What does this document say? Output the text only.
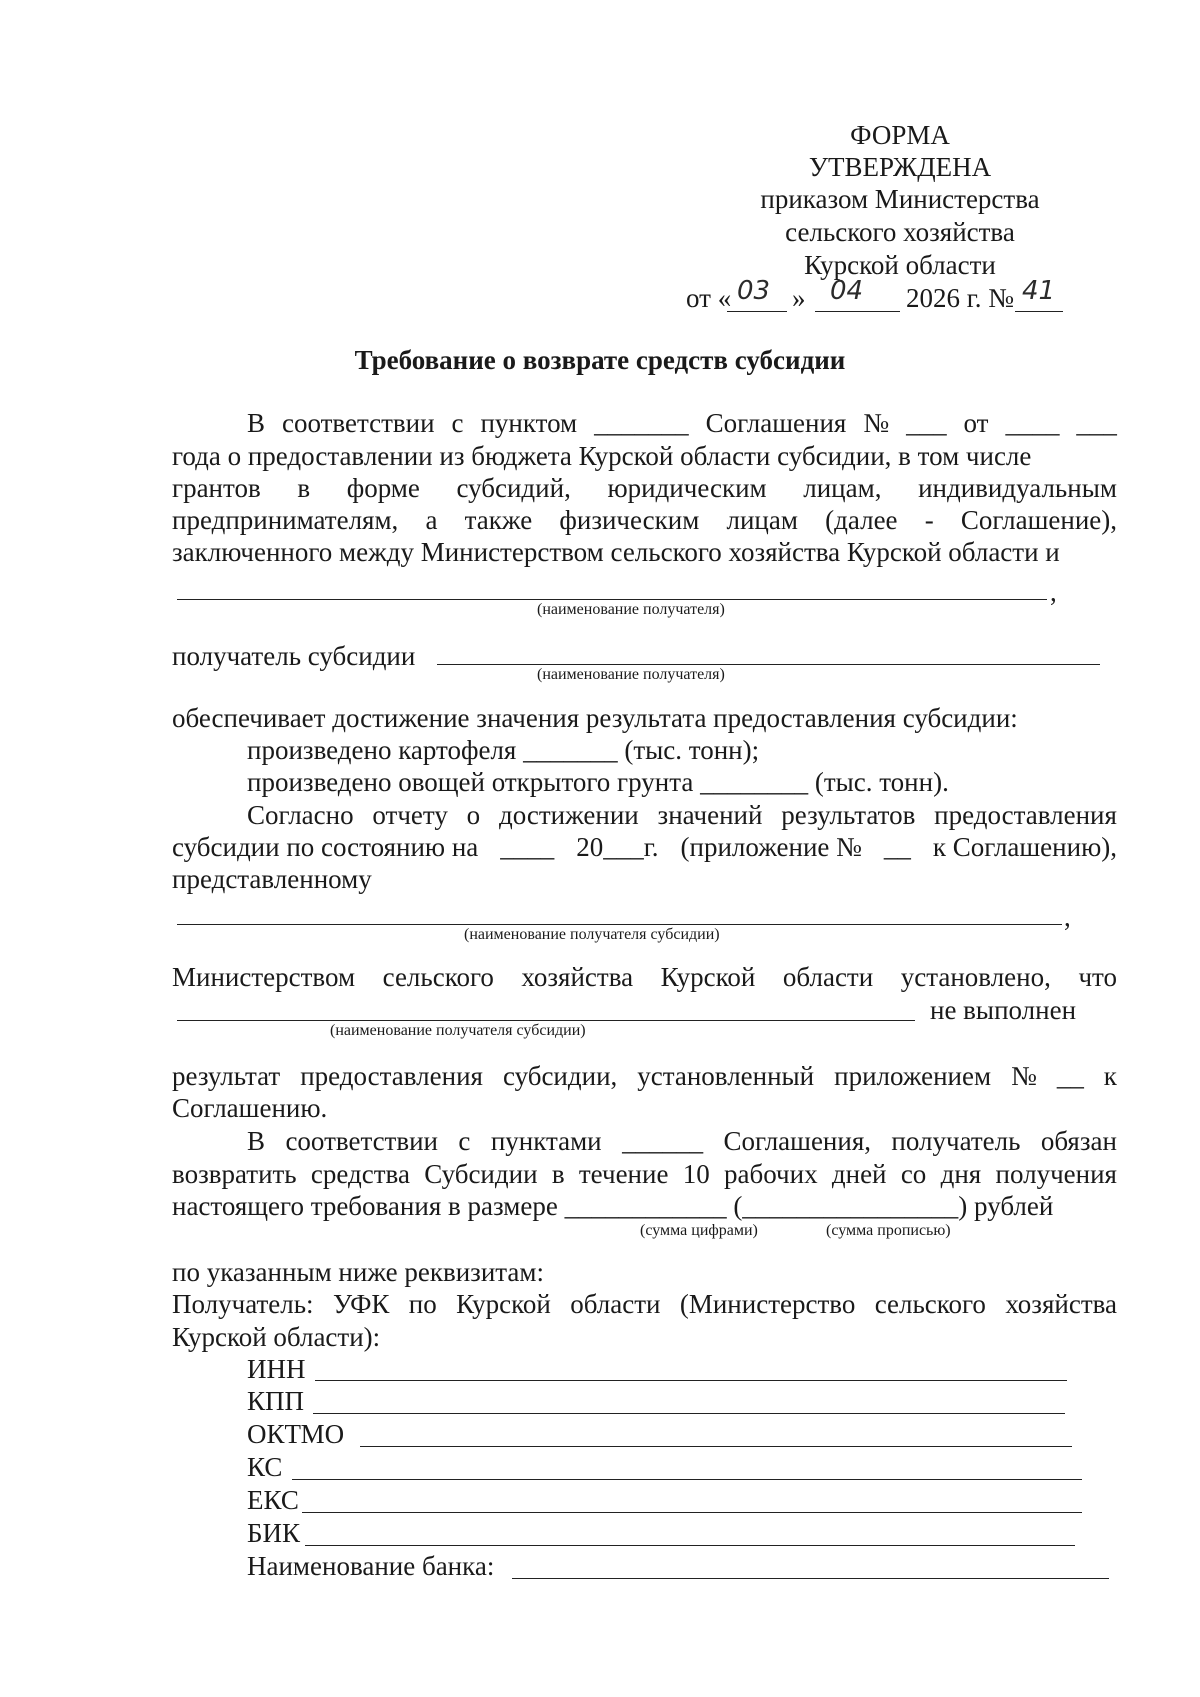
ФОРМА
УТВЕРЖДЕНА
приказом Министерства
сельского хозяйства
Курской области
от « 03 » 04 2026 г. № 41
Требование о возврате средств субсидии
В соответствии с пунктом _______ Соглашения № ___ от ____ ___
года о предоставлении из бюджета Курской области субсидии, в том числе
грантов в форме субсидий, юридическим лицам, индивидуальным
предпринимателям, а также физическим лицам (далее - Соглашение),
заключенного между Министерством сельского хозяйства Курской области и
,
(наименование получателя)
получатель субсидии
(наименование получателя)
обеспечивает достижение значения результата предоставления субсидии:
произведено картофеля _______ (тыс. тонн);
произведено овощей открытого грунта ________ (тыс. тонн).
Согласно отчету о достижении значений результатов предоставления
субсидии по состоянию на ____ 20___г. (приложение № __ к Соглашению),
представленному
,
(наименование получателя субсидии)
Министерством сельского хозяйства Курской области установлено, что
не выполнен
(наименование получателя субсидии)
результат предоставления субсидии, установленный приложением № __ к
Соглашению.
В соответствии с пунктами ______ Соглашения, получатель обязан
возвратить средства Субсидии в течение 10 рабочих дней со дня получения
настоящего требования в размере ____________ (________________) рублей
(сумма цифрами)	(сумма прописью)
по указанным ниже реквизитам:
Получатель: УФК по Курской области (Министерство сельского хозяйства
Курской области):
ИНН
КПП
ОКТМО
КС
ЕКС
БИК
Наименование банка:
